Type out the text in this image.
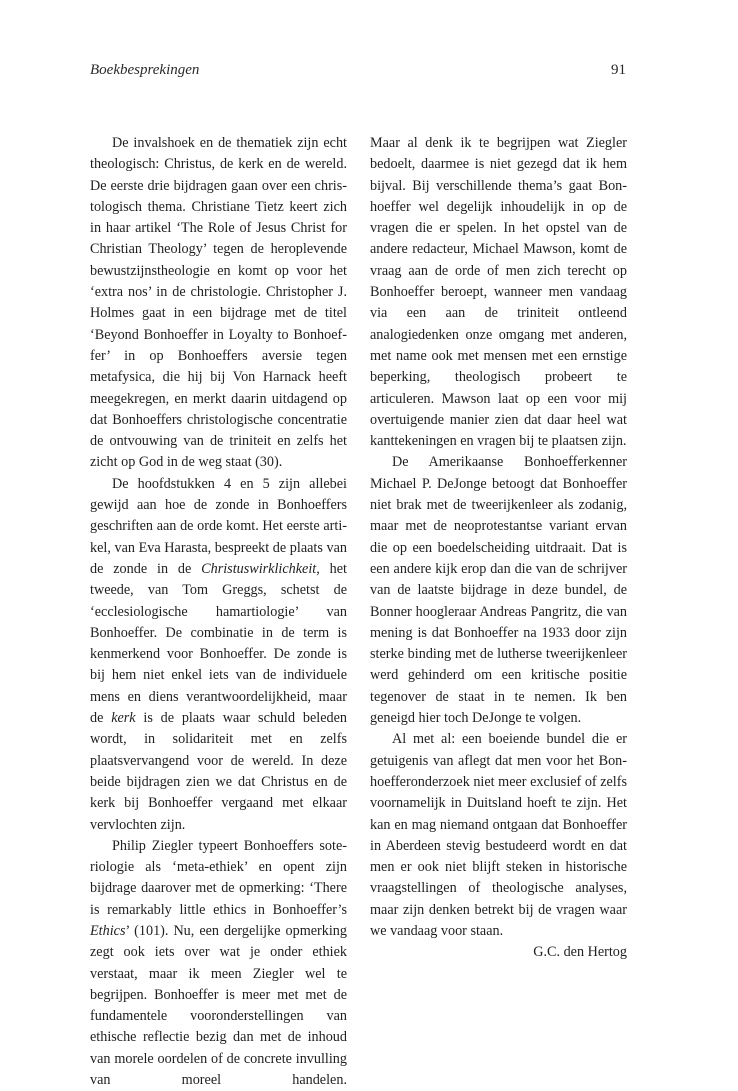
Boekbesprekingen	91

De invalshoek en de thematiek zijn echt theologisch: Christus, de kerk en de wereld. De eerste drie bijdragen gaan over een christologisch thema. Christiane Tietz keert zich in haar artikel ‘The Role of Jesus Christ for Christian Theology’ tegen de heroplevende bewustzijnstheologie en komt op voor het ‘extra nos’ in de christologie. Christopher J. Holmes gaat in een bijdrage met de titel ‘Beyond Bonhoeffer in Loyalty to Bonhoeffer’ in op Bonhoeffers aversie tegen metafysica, die hij bij Von Harnack heeft meegekregen, en merkt daarin uitdagend op dat Bonhoeffers christologische concentratie de ontvouwing van de triniteit en zelfs het zicht op God in de weg staat (30).

De hoofdstukken 4 en 5 zijn allebei gewijd aan hoe de zonde in Bonhoeffers geschriften aan de orde komt. Het eerste artikel, van Eva Harasta, bespreekt de plaats van de zonde in de Christuswirklichkeit, het tweede, van Tom Greggs, schetst de ‘ecclesiologische hamartiologie’ van Bonhoeffer. De combinatie in de term is kenmerkend voor Bonhoeffer. De zonde is bij hem niet enkel iets van de individuele mens en diens verantwoordelijkheid, maar de kerk is de plaats waar schuld beleden wordt, in solidariteit met en zelfs plaatsvervangend voor de wereld. In deze beide bijdragen zien we dat Christus en de kerk bij Bonhoeffer vergaand met elkaar vervlochten zijn.

Philip Ziegler typeert Bonhoeffers soteriologie als ‘meta-ethiek’ en opent zijn bijdrage daarover met de opmerking: ‘There is remarkably little ethics in Bonhoeffer’s Ethics’ (101). Nu, een dergelijke opmerking zegt ook iets over wat je onder ethiek verstaat, maar ik meen Ziegler wel te begrijpen. Bonhoeffer is meer met met de fundamentele vooronderstellingen van ethische reflectie bezig dan met de inhoud van morele oordelen of de concrete invulling van moreel handelen.

Maar al denk ik te begrijpen wat Ziegler bedoelt, daarmee is niet gezegd dat ik hem bijval. Bij verschillende thema’s gaat Bonhoeffer wel degelijk inhoudelijk in op de vragen die er spelen. In het opstel van de andere redacteur, Michael Mawson, komt de vraag aan de orde of men zich terecht op Bonhoeffer beroept, wanneer men vandaag via een aan de triniteit ontleend analogiedenken onze omgang met anderen, met name ook met mensen met een ernstige beperking, theologisch probeert te articuleren. Mawson laat op een voor mij overtuigende manier zien dat daar heel wat kanttekeningen en vragen bij te plaatsen zijn.

De Amerikaanse Bonhoefferkenner Michael P. DeJonge betoogt dat Bonhoeffer niet brak met de tweerijkenleer als zodanig, maar met de neoprotestantse variant ervan die op een boedelscheiding uitdraait. Dat is een andere kijk erop dan die van de schrijver van de laatste bijdrage in deze bundel, de Bonner hoogleraar Andreas Pangritz, die van mening is dat Bonhoeffer na 1933 door zijn sterke binding met de lutherse tweerijkenleer werd gehinderd om een kritische positie tegenover de staat in te nemen. Ik ben geneigd hier toch DeJonge te volgen.

Al met al: een boeiende bundel die er getuigenis van aflegt dat men voor het Bonhoefferonderzoek niet meer exclusief of zelfs voornamelijk in Duitsland hoeft te zijn. Het kan en mag niemand ontgaan dat Bonhoeffer in Aberdeen stevig bestudeerd wordt en dat men er ook niet blijft steken in historische vraagstellingen of theologische analyses, maar zijn denken betrekt bij de vragen waar we vandaag voor staan.

G.C. den Hertog
